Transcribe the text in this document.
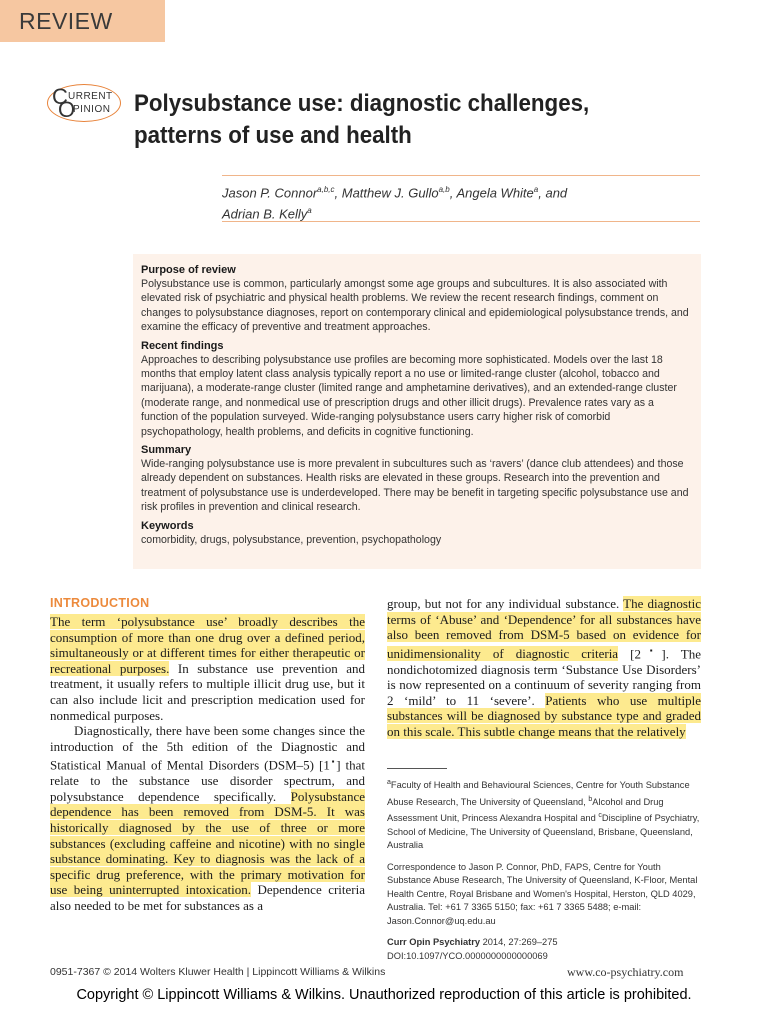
REVIEW
C URRENT
O
PINION Polysubstance use: diagnostic challenges, patterns of use and health
Jason P. Connor$^{a,b,c}$, Matthew J. Gullo$^{a,b}$, Angela White$^a$, and
Adrian B. Kelly$^a$
Purpose of review

Polysubstance use is common, particularly amongst some age groups and subcultures. It is also associated with elevated risk of psychiatric and physical health problems. We review the recent research findings, comment on changes to polysubstance diagnoses, report on contemporary clinical and epidemiological polysubstance trends, and examine the efficacy of preventive and treatment approaches.

Recent findings

Approaches to describing polysubstance use profiles are becoming more sophisticated. Models over the last 18 months that employ latent class analysis typically report a no use or limited-range cluster (alcohol, tobacco and marijuana), a moderate-range cluster (limited range and amphetamine derivatives), and an extended-range cluster (moderate range, and nonmedical use of prescription drugs and other illicit drugs). Prevalence rates vary as a function of the population surveyed. Wide-ranging polysubstance users carry higher risk of comorbid psychopathology, health problems, and deficits in cognitive functioning.

Summary

Wide-ranging polysubstance use is more prevalent in subcultures such as ‘ravers’ (dance club attendees) and those already dependent on substances. Health risks are elevated in these groups. Research into the prevention and treatment of polysubstance use is underdeveloped. There may be benefit in targeting specific polysubstance use and risk profiles in prevention and clinical research.

Keywords

comorbidity, drugs, polysubstance, prevention, psychopathology

INTRODUCTION

The term ‘polysubstance use’ broadly describes the consumption of more than one drug over a defined period, simultaneously or at different times for either therapeutic or recreational purposes. In substance use prevention and treatment, it usually refers to multiple illicit drug use, but it can also include licit and prescription medication used for nonmedical purposes.

Diagnostically, there have been some changes since the introduction of the 5th edition of the Diagnostic and Statistical Manual of Mental Disorders (DSM–5) [1▪] that relate to the substance use disorder spectrum, and polysubstance dependence specifically. Polysubstance dependence has been removed from DSM-5. It was historically diagnosed by the use of three or more substances (excluding caffeine and nicotine) with no single substance dominating. Key to diagnosis was the lack of a specific drug preference, with the primary motivation for use being uninterrupted intoxication. Dependence criteria also needed to be met for substances as a

group, but not for any individual substance. The diagnostic terms of ‘Abuse’ and ‘Dependence’ for all substances have also been removed from DSM-5 based on evidence for unidimensionality of diagnostic criteria [2▪]. The nondichotomized diagnosis term ‘Substance Use Disorders’ is now represented on a continuum of severity ranging from 2 ‘mild’ to 11 ‘severe’. Patients who use multiple substances will be diagnosed by substance type and graded on this scale. This subtle change means that the relatively

$^a$Faculty of Health and Behavioural Sciences, Centre for Youth Substance Abuse Research, The University of Queensland, $^b$Alcohol and Drug Assessment Unit, Princess Alexandra Hospital and $^c$Discipline of Psychiatry, School of Medicine, The University of Queensland, Brisbane, Queensland, Australia

Correspondence to Jason P. Connor, PhD, FAPS, Centre for Youth Substance Abuse Research, The University of Queensland, K-Floor, Mental Health Centre, Royal Brisbane and Women's Hospital, Herston, QLD 4029, Australia. Tel: +61 7 3365 5150; fax: +61 7 3365 5488; e-mail: Jason.Connor@uq.edu.au

Curr Opin Psychiatry 2014, 27:269–275
DOI:10.1097/YCO.0000000000000069
0951-7367 © 2014 Wolters Kluwer Health | Lippincott Williams & Wilkins	www.co-psychiatry.com
Copyright © Lippincott Williams & Wilkins. Unauthorized reproduction of this article is prohibited.
